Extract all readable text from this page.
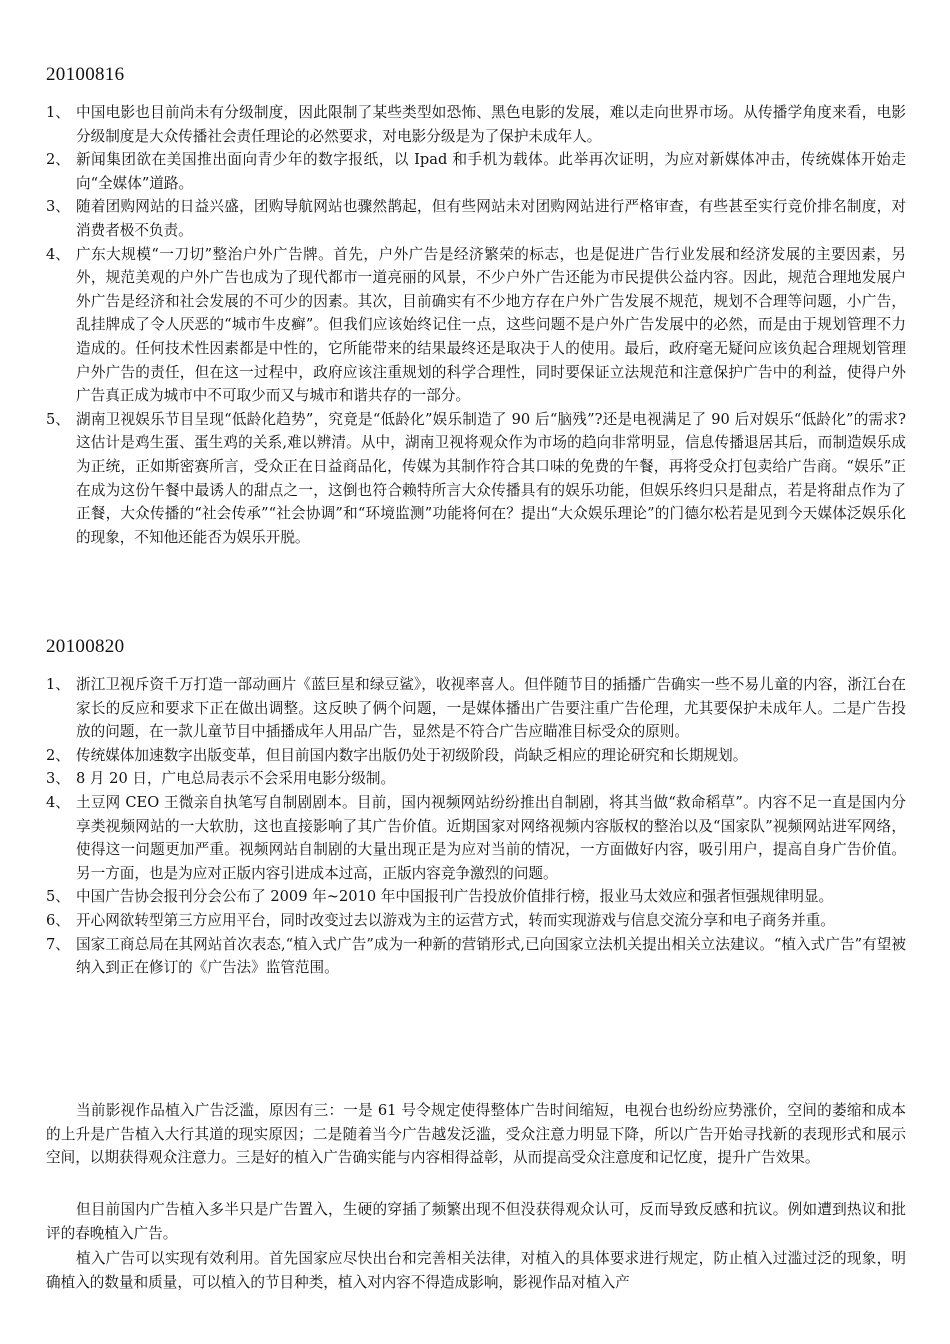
20100816
1、 中国电影也目前尚未有分级制度，因此限制了某些类型如恐怖、黑色电影的发展，难以走向世界市场。从传播学角度来看，电影分级制度是大众传播社会责任理论的必然要求，对电影分级是为了保护未成年人。
2、 新闻集团欲在美国推出面向青少年的数字报纸，以 Ipad 和手机为载体。此举再次证明，为应对新媒体冲击，传统媒体开始走向“全媒体”道路。
3、 随着团购网站的日益兴盛，团购导航网站也骤然鹊起，但有些网站未对团购网站进行严格审查，有些甚至实行竞价排名制度，对消费者极不负责。
4、 广东大规模“一刀切”整治户外广告牌。首先，户外广告是经济繁荣的标志，也是促进广告行业发展和经济发展的主要因素，另外，规范美观的户外广告也成为了现代都市一道亮丽的风景，不少户外广告还能为市民提供公益内容。因此，规范合理地发展户外广告是经济和社会发展的不可少的因素。其次，目前确实有不少地方存在户外广告发展不规范，规划不合理等问题，小广告，乱挂牌成了令人厌恶的“城市牛皮癣”。但我们应该始终记住一点，这些问题不是户外广告发展中的必然，而是由于规划管理不力造成的。任何技术性因素都是中性的，它所能带来的结果最终还是取决于人的使用。最后，政府毫无疑问应该负起合理规划管理户外广告的责任，但在这一过程中，政府应该注重规划的科学合理性，同时要保证立法规范和注意保护广告中的利益，使得户外广告真正成为城市中不可取少而又与城市和谐共存的一部分。
5、 湖南卫视娱乐节目呈现“低龄化趋势”，究竟是“低龄化”娱乐制造了 90 后“脑残”?还是电视满足了 90 后对娱乐“低龄化”的需求?这估计是鸡生蛋、蛋生鸡的关系,难以辨清。从中，湖南卫视将观众作为市场的趋向非常明显，信息传播退居其后，而制造娱乐成为正统，正如斯密赛所言，受众正在日益商品化，传媒为其制作符合其口味的免费的午餐，再将受众打包卖给广告商。“娱乐”正在成为这份午餐中最诱人的甜点之一，这倒也符合赖特所言大众传播具有的娱乐功能，但娱乐终归只是甜点，若是将甜点作为了正餐，大众传播的“社会传承”“社会协调”和“环境监测”功能将何在？提出“大众娱乐理论”的门德尔松若是见到今天媒体泛娱乐化的现象，不知他还能否为娱乐开脱。
20100820
1、 浙江卫视斥资千万打造一部动画片《蓝巨星和绿豆鲨》，收视率喜人。但伴随节目的插播广告确实一些不易儿童的内容，浙江台在家长的反应和要求下正在做出调整。这反映了俩个问题，一是媒体播出广告要注重广告伦理，尤其要保护未成年人。二是广告投放的问题，在一款儿童节目中插播成年人用品广告，显然是不符合广告应瞄准目标受众的原则。
2、 传统媒体加速数字出版变革，但目前国内数字出版仍处于初级阶段，尚缺乏相应的理论研究和长期规划。
3、 8 月 20 日，广电总局表示不会采用电影分级制。
4、 土豆网 CEO 王微亲自执笔写自制剧剧本。目前，国内视频网站纷纷推出自制剧，将其当做“救命稻草”。内容不足一直是国内分享类视频网站的一大软肋，这也直接影响了其广告价值。近期国家对网络视频内容版权的整治以及“国家队”视频网站进军网络，使得这一问题更加严重。视频网站自制剧的大量出现正是为应对当前的情况，一方面做好内容，吸引用户，提高自身广告价值。另一方面，也是为应对正版内容引进成本过高，正版内容竞争激烈的问题。
5、 中国广告协会报刊分会公布了 2009 年~2010 年中国报刊广告投放价值排行榜，报业马太效应和强者恒强规律明显。
6、 开心网欲转型第三方应用平台，同时改变过去以游戏为主的运营方式，转而实现游戏与信息交流分享和电子商务并重。
7、 国家工商总局在其网站首次表态,“植入式广告”成为一种新的营销形式,已向国家立法机关提出相关立法建议。“植入式广告”有望被纳入到正在修订的《广告法》监管范围。

当前影视作品植入广告泛滥，原因有三：一是 61 号令规定使得整体广告时间缩短，电视台也纷纷应势涨价，空间的萎缩和成本的上升是广告植入大行其道的现实原因；二是随着当今广告越发泛滥，受众注意力明显下降，所以广告开始寻找新的表现形式和展示空间，以期获得观众注意力。三是好的植入广告确实能与内容相得益彰，从而提高受众注意度和记忆度，提升广告效果。

但目前国内广告植入多半只是广告置入，生硬的穿插了频繁出现不但没获得观众认可，反而导致反感和抗议。例如遭到热议和批评的春晚植入广告。

植入广告可以实现有效利用。首先国家应尽快出台和完善相关法律，对植入的具体要求进行规定，防止植入过滥过泛的现象，明确植入的数量和质量，可以植入的节目种类，植入对内容不得造成影响，影视作品对植入产
